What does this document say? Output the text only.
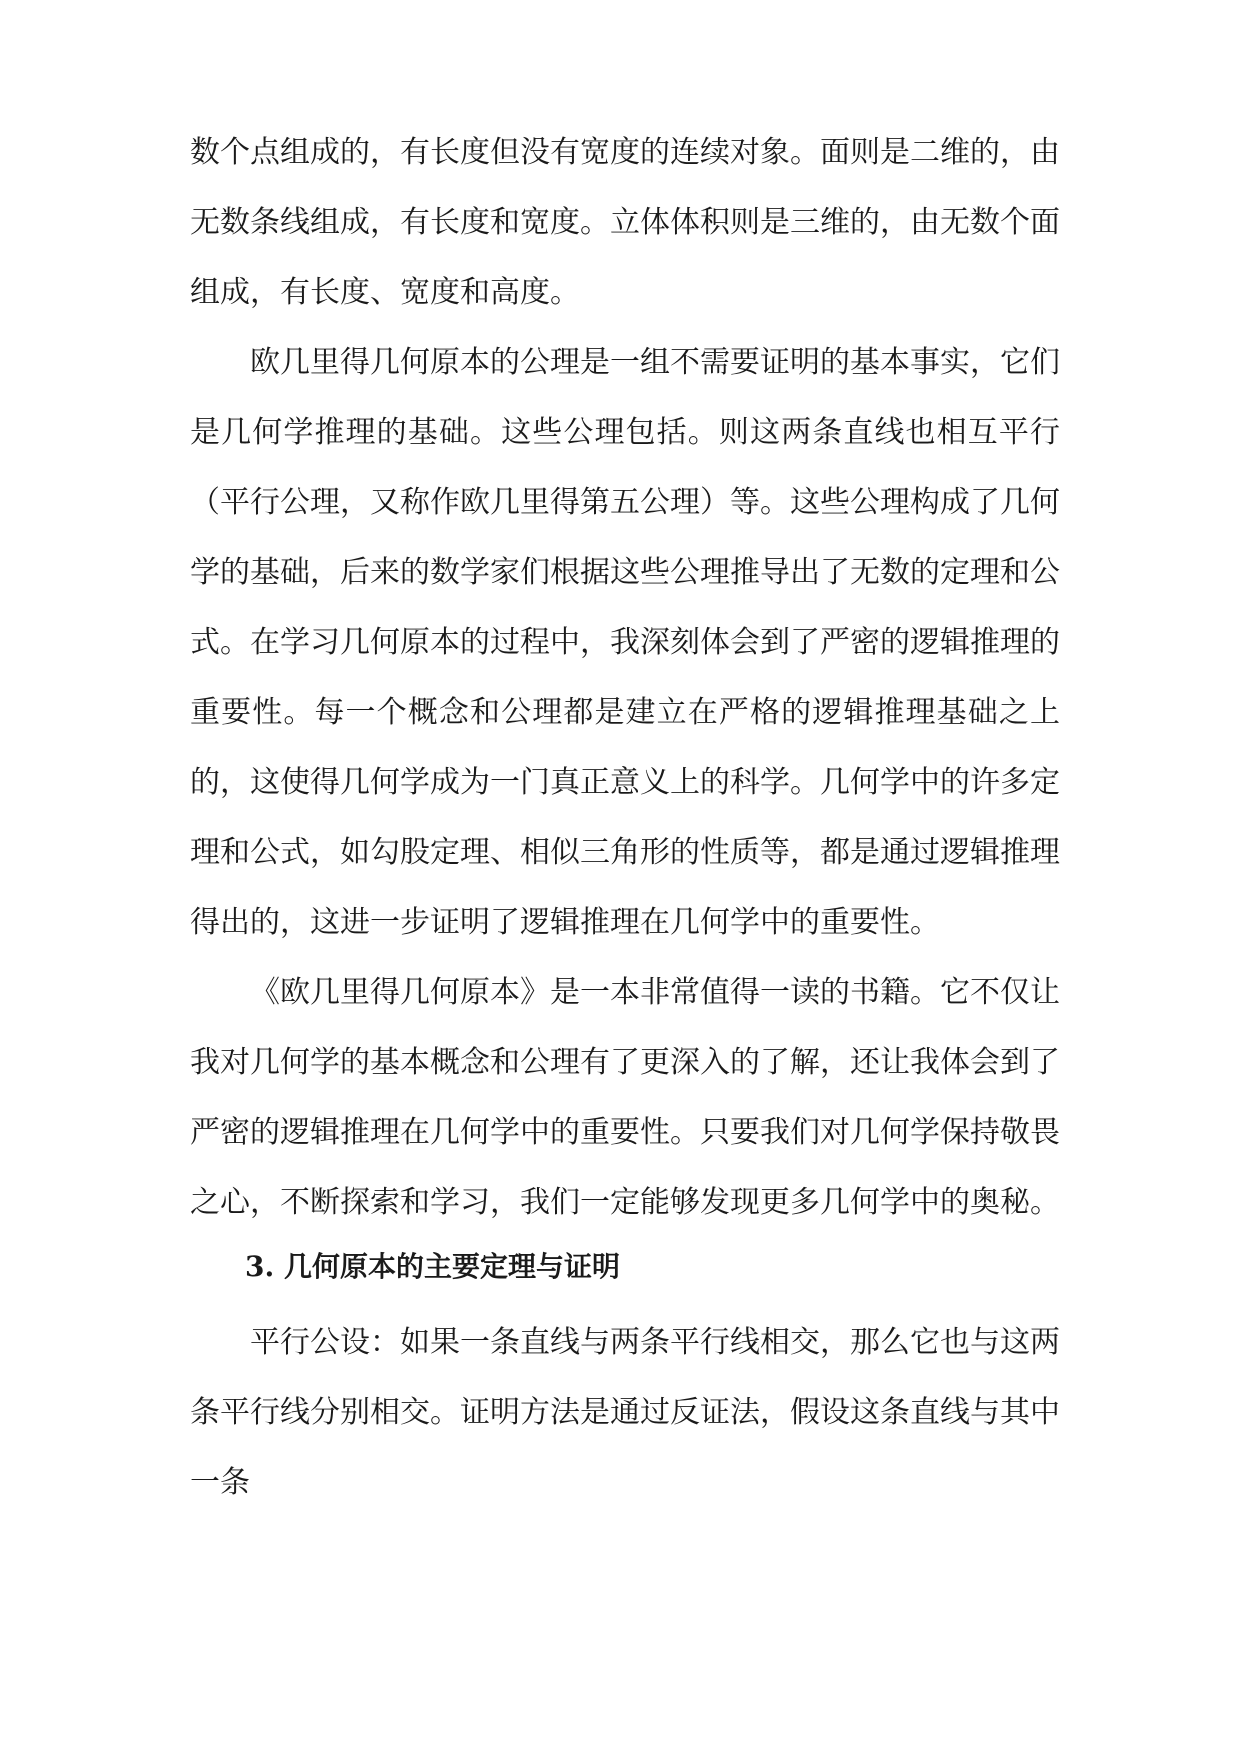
数个点组成的，有长度但没有宽度的连续对象。面则是二维的，由无数条线组成，有长度和宽度。立体体积则是三维的，由无数个面组成，有长度、宽度和高度。
欧几里得几何原本的公理是一组不需要证明的基本事实，它们是几何学推理的基础。这些公理包括。则这两条直线也相互平行（平行公理，又称作欧几里得第五公理）等。这些公理构成了几何学的基础，后来的数学家们根据这些公理推导出了无数的定理和公式。 在学习几何原本的过程中，我深刻体会到了严密的逻辑推理的重要性。每一个概念和公理都是建立在严格的逻辑推理基础之上的，这使得几何学成为一门真正意义上的科学。几何学中的许多定理和公式，如勾股定理、相似三角形的性质等，都是通过逻辑推理得出的，这进一步证明了逻辑推理在几何学中的重要性。
《欧几里得几何原本》是一本非常值得一读的书籍。它不仅让我对几何学的基本概念和公理有了更深入的了解，还让我体会到了严密的逻辑推理在几何学中的重要性。只要我们对几何学保持敬畏之心，不断探索和学习，我们一定能够发现更多几何学中的奥秘。
3. 几何原本的主要定理与证明
平行公设：如果一条直线与两条平行线相交，那么它也与这两条平行线分别相交。证明方法是通过反证法，假设这条直线与其中一条
